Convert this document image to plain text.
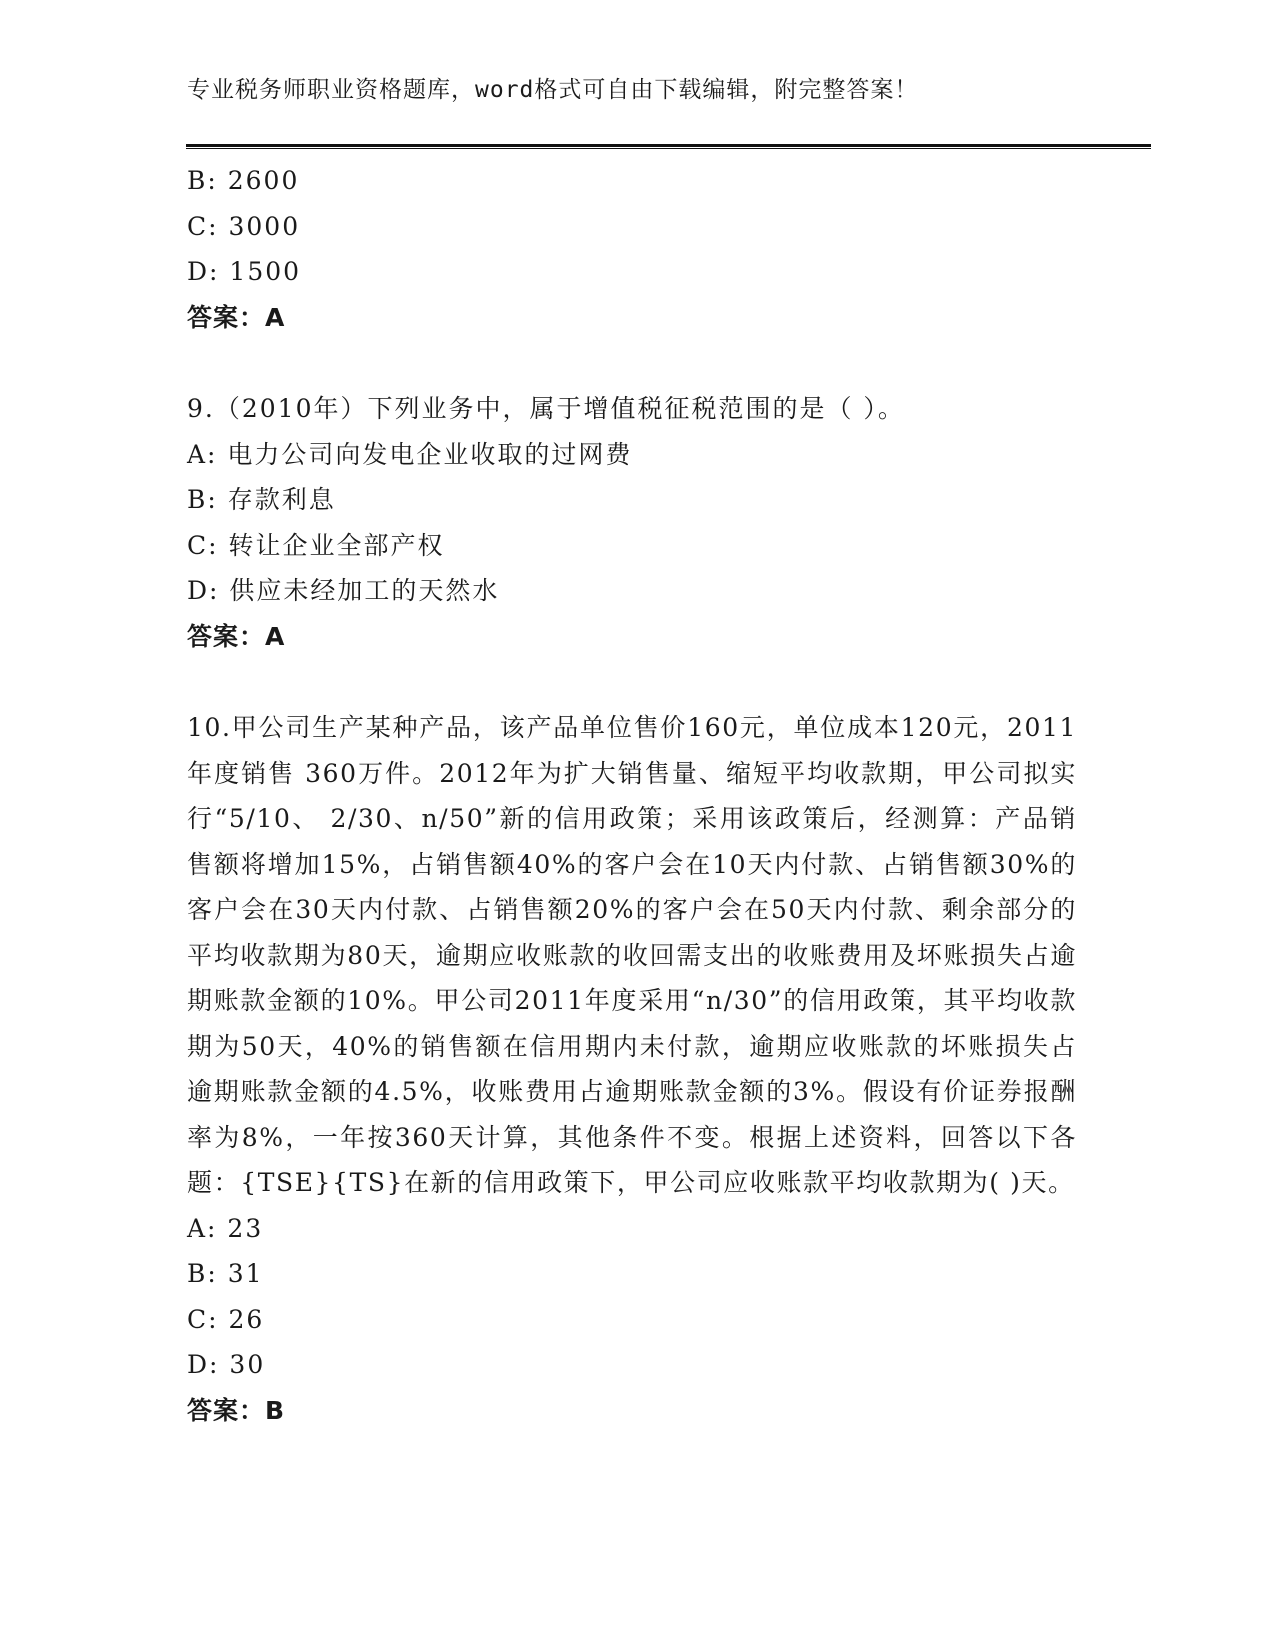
专业税务师职业资格题库，word格式可自由下载编辑，附完整答案！
B: 2600
C: 3000
D: 1500
答案：A
9.（2010年）下列业务中，属于增值税征税范围的是（ ）。
A: 电力公司向发电企业收取的过网费
B: 存款利息
C: 转让企业全部产权
D: 供应未经加工的天然水
答案：A

10.甲公司生产某种产品，该产品单位售价160元，单位成本120元，2011年度销售 360万件。2012年为扩大销售量、缩短平均收款期，甲公司拟实行“5/10、 2/30、n/50”新的信用政策；采用该政策后，经测算：产品销售额将增加15%，占销售额40%的客户会在10天内付款、占销售额30%的客户会在30天内付款、占销售额20%的客户会在50天内付款、剩余部分的平均收款期为80天，逾期应收账款的收回需支出的收账费用及坏账损失占逾期账款金额的10%。甲公司2011年度采用“n/30”的信用政策，其平均收款期为50天，40%的销售额在信用期内未付款，逾期应收账款的坏账损失占逾期账款金额的4.5%，收账费用占逾期账款金额的3%。假设有价证券报酬率为8%，一年按360天计算，其他条件不变。根据上述资料，回答以下各题：{TSE}{TS}在新的信用政策下，甲公司应收账款平均收款期为( )天。

A: 23
B: 31
C: 26
D: 30
答案：B
